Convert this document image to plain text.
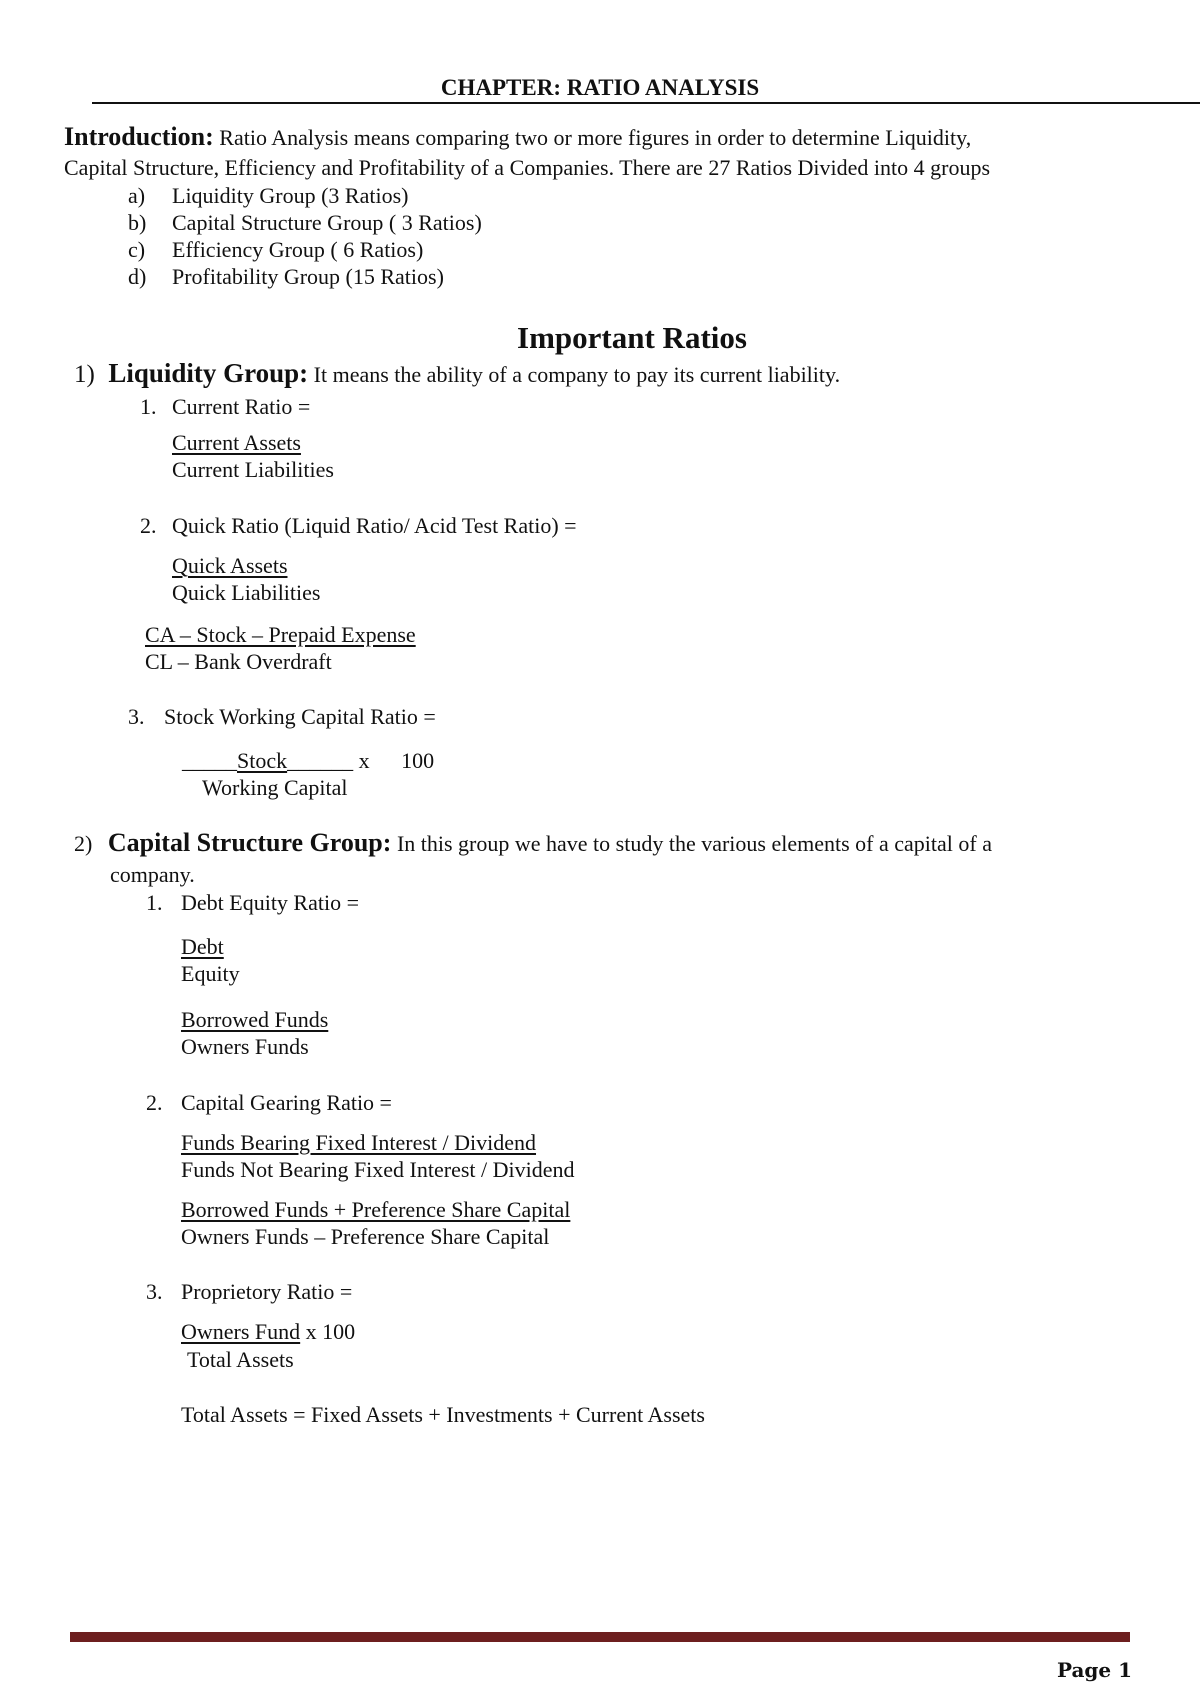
CHAPTER: RATIO ANALYSIS
Introduction: Ratio Analysis means comparing two or more figures in order to determine Liquidity,
Capital Structure, Efficiency and Profitability of a Companies. There are 27 Ratios Divided into 4 groups
a) Liquidity Group (3 Ratios)
b) Capital Structure Group ( 3 Ratios)
c) Efficiency Group ( 6 Ratios)
d) Profitability Group (15 Ratios)
Important Ratios
1) Liquidity Group: It means the ability of a company to pay its current liability.
1. Current Ratio =
Current Assets
Current Liabilities
2. Quick Ratio (Liquid Ratio/ Acid Test Ratio) =
Quick Assets
Quick Liabilities
CA – Stock – Prepaid Expense
CL – Bank Overdraft
3. Stock Working Capital Ratio =
_____Stock______ x 100
Working Capital
2) Capital Structure Group: In this group we have to study the various elements of a capital of a
company.
1. Debt Equity Ratio =
Debt
Equity
Borrowed Funds
Owners Funds
2. Capital Gearing Ratio =
Funds Bearing Fixed Interest / Dividend
Funds Not Bearing Fixed Interest / Dividend
Borrowed Funds + Preference Share Capital
Owners Funds – Preference Share Capital
3. Proprietory Ratio =
Owners Fund x 100
Total Assets
Total Assets = Fixed Assets + Investments + Current Assets
Page 1
